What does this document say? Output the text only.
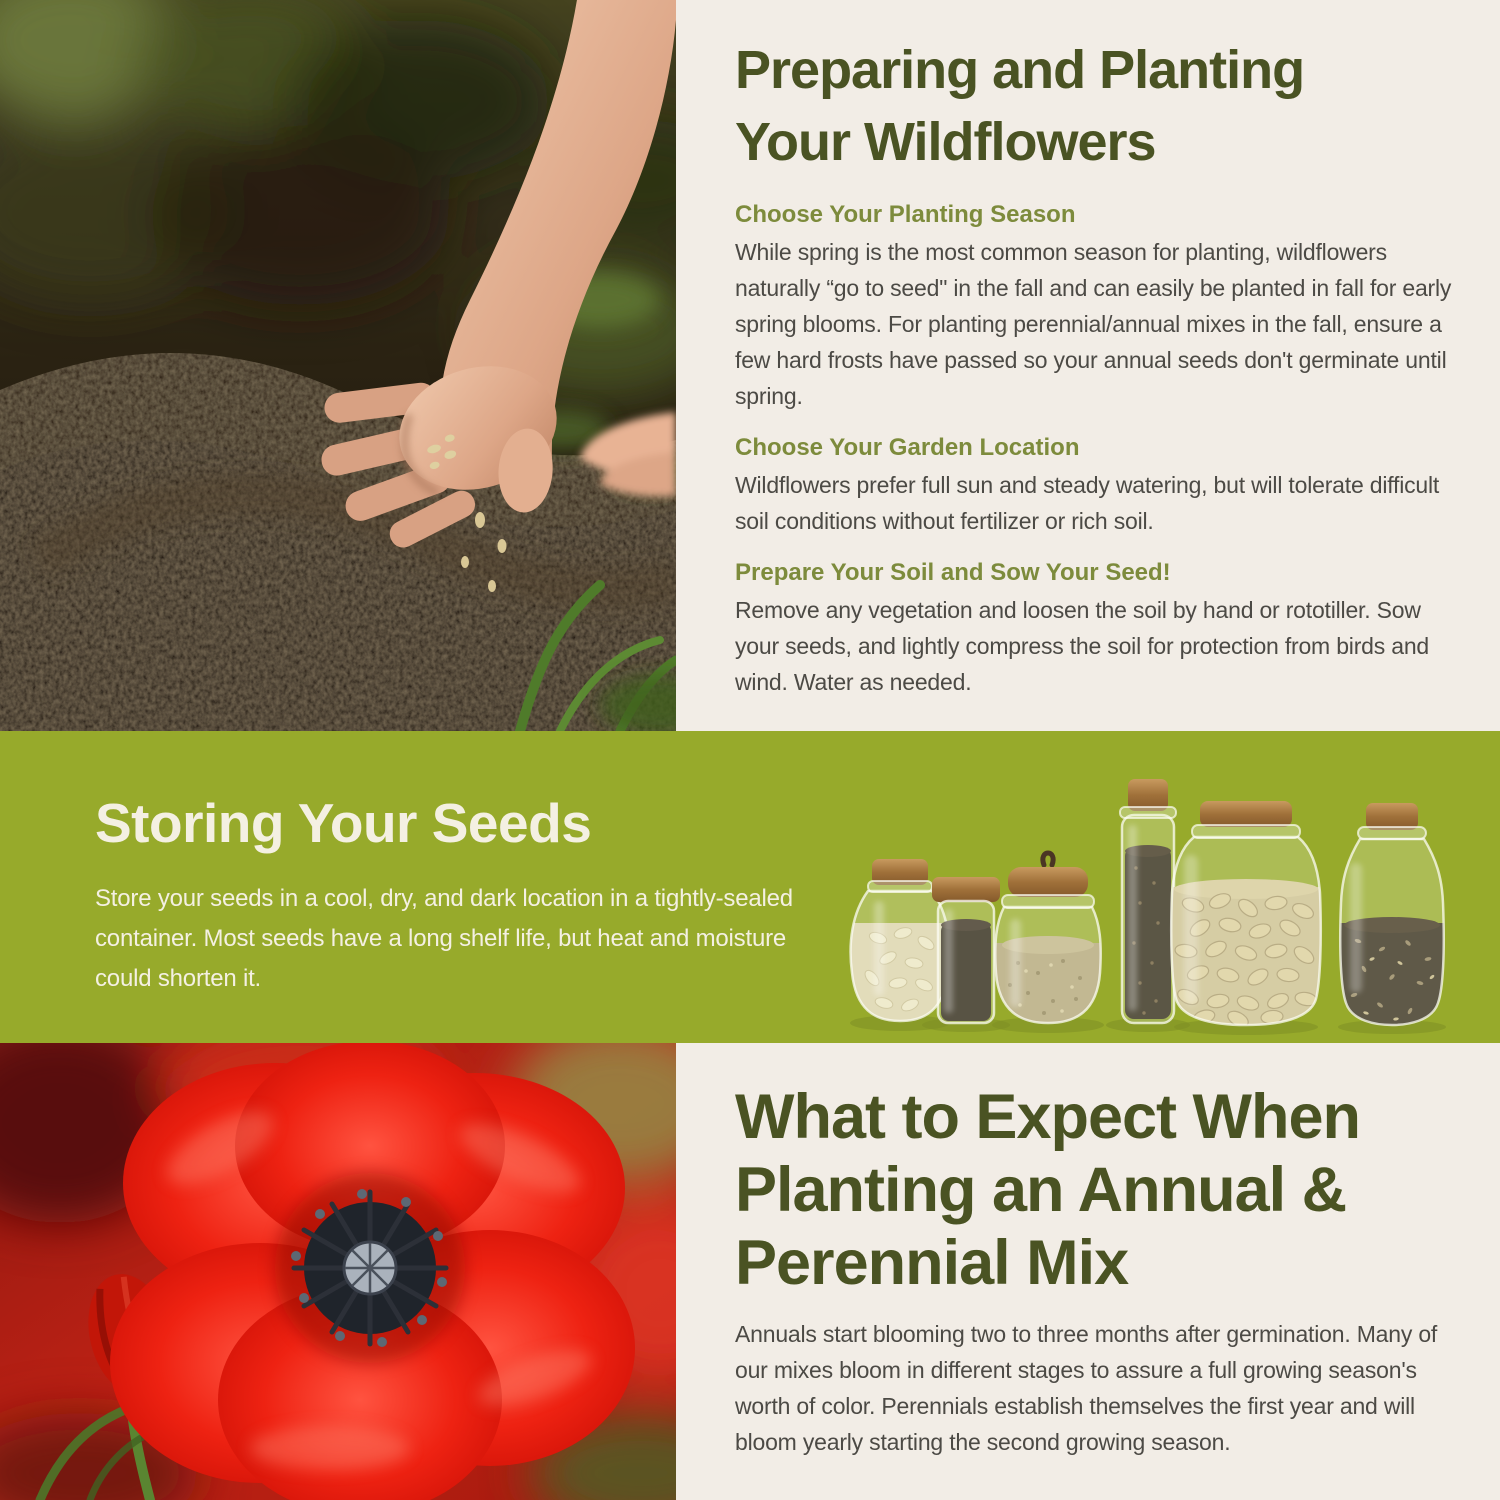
Preparing and Planting
Your Wildflowers
Choose Your Planting Season

While spring is the most common season for planting, wildflowers naturally “go to seed" in the fall and can easily be planted in fall for early spring blooms. For planting perennial/annual mixes in the fall, ensure a few hard frosts have passed so your annual seeds don't germinate until spring.

Choose Your Garden Location

Wildflowers prefer full sun and steady watering, but will tolerate difficult soil conditions without fertilizer or rich soil.

Prepare Your Soil and Sow Your Seed!

Remove any vegetation and loosen the soil by hand or rototiller. Sow your seeds, and lightly compress the soil for protection from birds and wind. Water as needed.

Storing Your Seeds

Store your seeds in a cool, dry, and dark location in a tightly-sealed container. Most seeds have a long shelf life, but heat and moisture could shorten it.

What to Expect When
Planting an Annual &
Perennial Mix

Annuals start blooming two to three months after germination. Many of our mixes bloom in different stages to assure a full growing season's worth of color. Perennials establish themselves the first year and will bloom yearly starting the second growing season.
